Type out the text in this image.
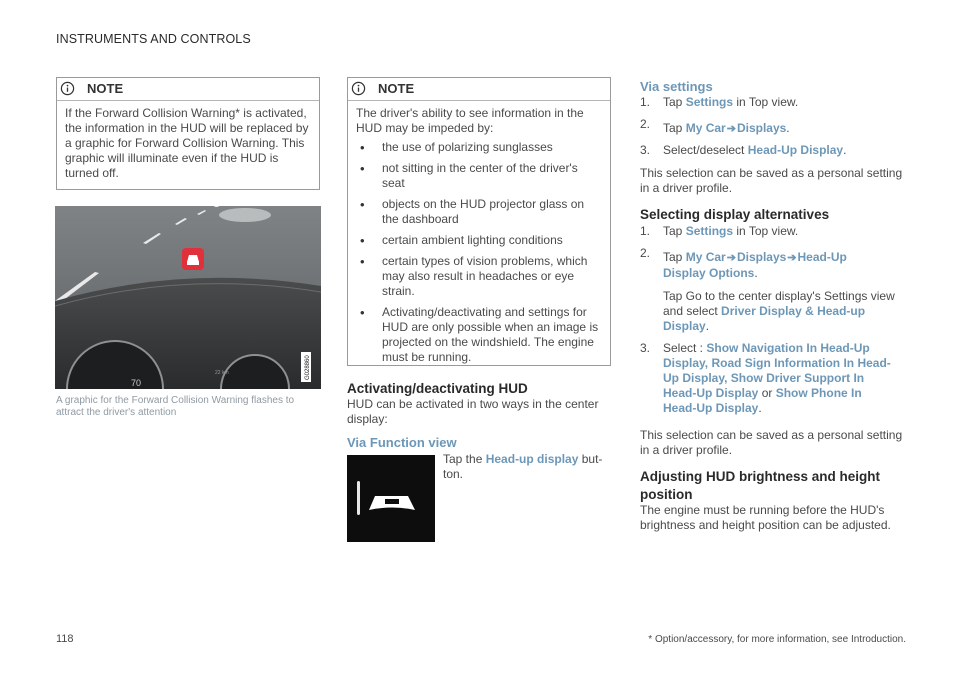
INSTRUMENTS AND CONTROLS
NOTE

If the Forward Collision Warning* is activated, the information in the HUD will be replaced by a graphic for Forward Collision Warning. This graphic will illuminate even if the HUD is turned off.

70
22 km	G028860
A graphic for the Forward Collision Warning flashes to attract the driver's attention
NOTE

The driver's ability to see information in the HUD may be impeded by:

• the use of polarizing sunglasses
• not sitting in the center of the driver's seat
• objects on the HUD projector glass on the dashboard
• certain ambient lighting conditions
• certain types of vision problems, which may also result in headaches or eye strain.
• Activating/deactivating and settings for HUD are only possible when an image is projected on the windshield. The engine must be running.
Activating/deactivating HUD
HUD can be activated in two ways in the center display:
Via Function view
Tap the Head-up display but-ton.
Via settings
1. Tap Settings in Top view.
2. Tap My Car➔Displays.
3. Select/deselect Head-Up Display.
This selection can be saved as a personal setting in a driver profile.
Selecting display alternatives
1. Tap Settings in Top view.
2. Tap My Car➔Displays➔Head-Up
Display Options.
Tap Go to the center display's Settings view and select Driver Display & Head-up
Display.
3. Select : Show Navigation In Head-Up
Display, Road Sign Information In Head-
Up Display, Show Driver Support In
Head-Up Display or Show Phone In
Head-Up Display.
This selection can be saved as a personal setting in a driver profile.
Adjusting HUD brightness and height
position
The engine must be running before the HUD's brightness and height position can be adjusted.
118	* Option/accessory, for more information, see Introduction.
